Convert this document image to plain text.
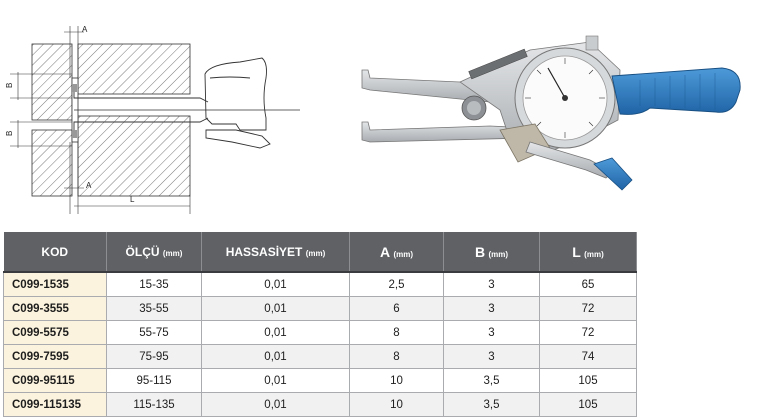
A
A
B
B
L
KOD	ÖLÇÜ (mm)	HASSASİYET (mm)	A (mm)	B (mm)	L (mm)
C099-1535	15-35	0,01	2,5	3	65
C099-3555	35-55	0,01	6	3	72
C099-5575	55-75	0,01	8	3	72
C099-7595	75-95	0,01	8	3	74
C099-95115	95-115	0,01	10	3,5	105
C099-115135	115-135	0,01	10	3,5	105
